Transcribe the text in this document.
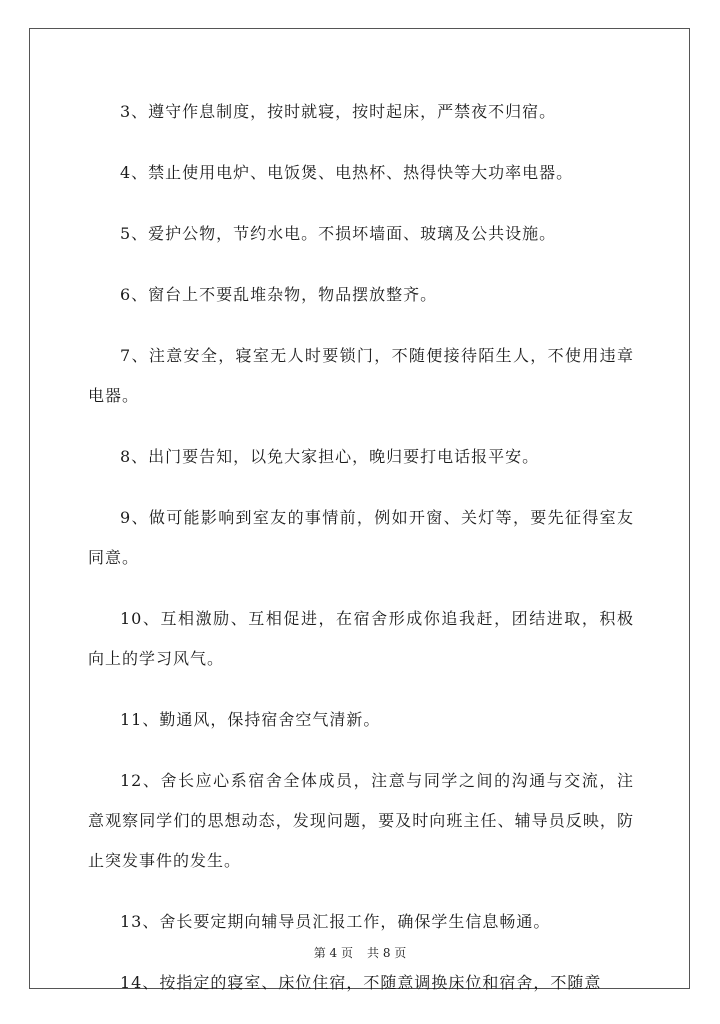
3、遵守作息制度，按时就寝，按时起床，严禁夜不归宿。

4、禁止使用电炉、电饭煲、电热杯、热得快等大功率电器。

5、爱护公物，节约水电。不损坏墙面、玻璃及公共设施。

6、窗台上不要乱堆杂物，物品摆放整齐。

7、注意安全，寝室无人时要锁门，不随便接待陌生人，不使用违章电器。

8、出门要告知，以免大家担心，晚归要打电话报平安。

9、做可能影响到室友的事情前，例如开窗、关灯等，要先征得室友同意。

10、互相激励、互相促进，在宿舍形成你追我赶，团结进取，积极向上的学习风气。

11、勤通风，保持宿舍空气清新。

12、舍长应心系宿舍全体成员，注意与同学之间的沟通与交流，注意观察同学们的思想动态，发现问题，要及时向班主任、辅导员反映，防止突发事件的发生。

13、舍长要定期向辅导员汇报工作，确保学生信息畅通。

14、按指定的寝室、床位住宿，不随意调换床位和宿舍，不随意

第 4 页 共 8 页
